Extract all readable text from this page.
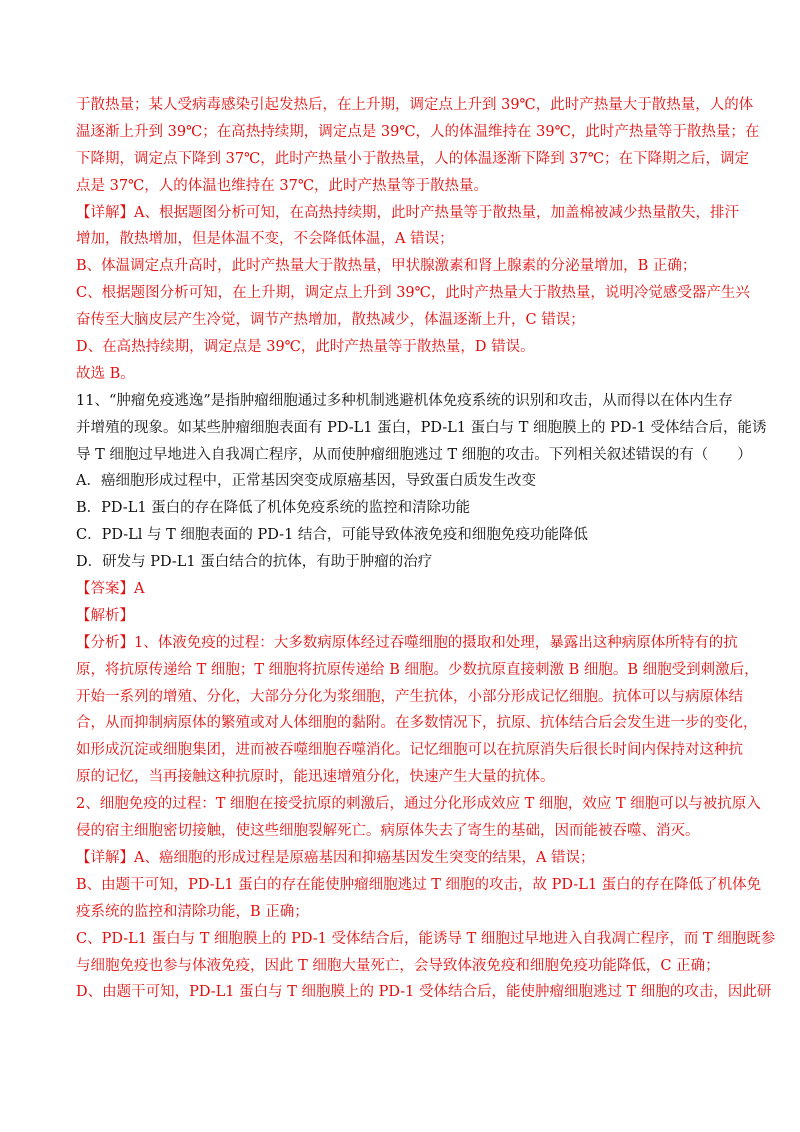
于散热量；某人受病毒感染引起发热后，在上升期，调定点上升到 39℃，此时产热量大于散热量，人的体
温逐渐上升到 39℃；在高热持续期，调定点是 39℃，人的体温维持在 39℃，此时产热量等于散热量；在
下降期，调定点下降到 37℃，此时产热量小于散热量，人的体温逐渐下降到 37℃；在下降期之后，调定
点是 37℃，人的体温也维持在 37℃，此时产热量等于散热量。
【详解】A、根据题图分析可知，在高热持续期，此时产热量等于散热量，加盖棉被减少热量散失，排汗
增加，散热增加，但是体温不变，不会降低体温，A 错误；
B、体温调定点升高时，此时产热量大于散热量，甲状腺激素和肾上腺素的分泌量增加，B 正确；
C、根据题图分析可知，在上升期，调定点上升到 39℃，此时产热量大于散热量，说明冷觉感受器产生兴
奋传至大脑皮层产生冷觉，调节产热增加，散热减少，体温逐渐上升，C 错误；
D、在高热持续期，调定点是 39℃，此时产热量等于散热量，D 错误。
故选 B。
11、“肿瘤免疫逃逸”是指肿瘤细胞通过多种机制逃避机体免疫系统的识别和攻击，从而得以在体内生存
并增殖的现象。如某些肿瘤细胞表面有 PD-L1 蛋白，PD-L1 蛋白与 T 细胞膜上的 PD-1 受体结合后，能诱
导 T 细胞过早地进入自我凋亡程序，从而使肿瘤细胞逃过 T 细胞的攻击。下列相关叙述错误的有（　　）
A．癌细胞形成过程中，正常基因突变成原癌基因，导致蛋白质发生改变
B．PD-L1 蛋白的存在降低了机体免疫系统的监控和清除功能
C．PD-Ll 与 T 细胞表面的 PD-1 结合，可能导致体液免疫和细胞免疫功能降低
D．研发与 PD-L1 蛋白结合的抗体，有助于肿瘤的治疗
【答案】A
【解析】
【分析】1、体液免疫的过程：大多数病原体经过吞噬细胞的摄取和处理，暴露出这种病原体所特有的抗
原，将抗原传递给 T 细胞；T 细胞将抗原传递给 B 细胞。少数抗原直接刺激 B 细胞。B 细胞受到刺激后，
开始一系列的增殖、分化，大部分分化为浆细胞，产生抗体，小部分形成记忆细胞。抗体可以与病原体结
合，从而抑制病原体的繁殖或对人体细胞的黏附。在多数情况下，抗原、抗体结合后会发生进一步的变化，
如形成沉淀或细胞集团，进而被吞噬细胞吞噬消化。记忆细胞可以在抗原消失后很长时间内保持对这种抗
原的记忆，当再接触这种抗原时，能迅速增殖分化，快速产生大量的抗体。
2、细胞免疫的过程：T 细胞在接受抗原的刺激后，通过分化形成效应 T 细胞，效应 T 细胞可以与被抗原入
侵的宿主细胞密切接触，使这些细胞裂解死亡。病原体失去了寄生的基础，因而能被吞噬、消灭。
【详解】A、癌细胞的形成过程是原癌基因和抑癌基因发生突变的结果，A 错误；
B、由题干可知，PD-L1 蛋白的存在能使肿瘤细胞逃过 T 细胞的攻击，故 PD-L1 蛋白的存在降低了机体免
疫系统的监控和清除功能，B 正确；
C、PD-L1 蛋白与 T 细胞膜上的 PD-1 受体结合后，能诱导 T 细胞过早地进入自我凋亡程序，而 T 细胞既参
与细胞免疫也参与体液免疫，因此 T 细胞大量死亡，会导致体液免疫和细胞免疫功能降低，C 正确；
D、由题干可知，PD-L1 蛋白与 T 细胞膜上的 PD-1 受体结合后，能使肿瘤细胞逃过 T 细胞的攻击，因此研
